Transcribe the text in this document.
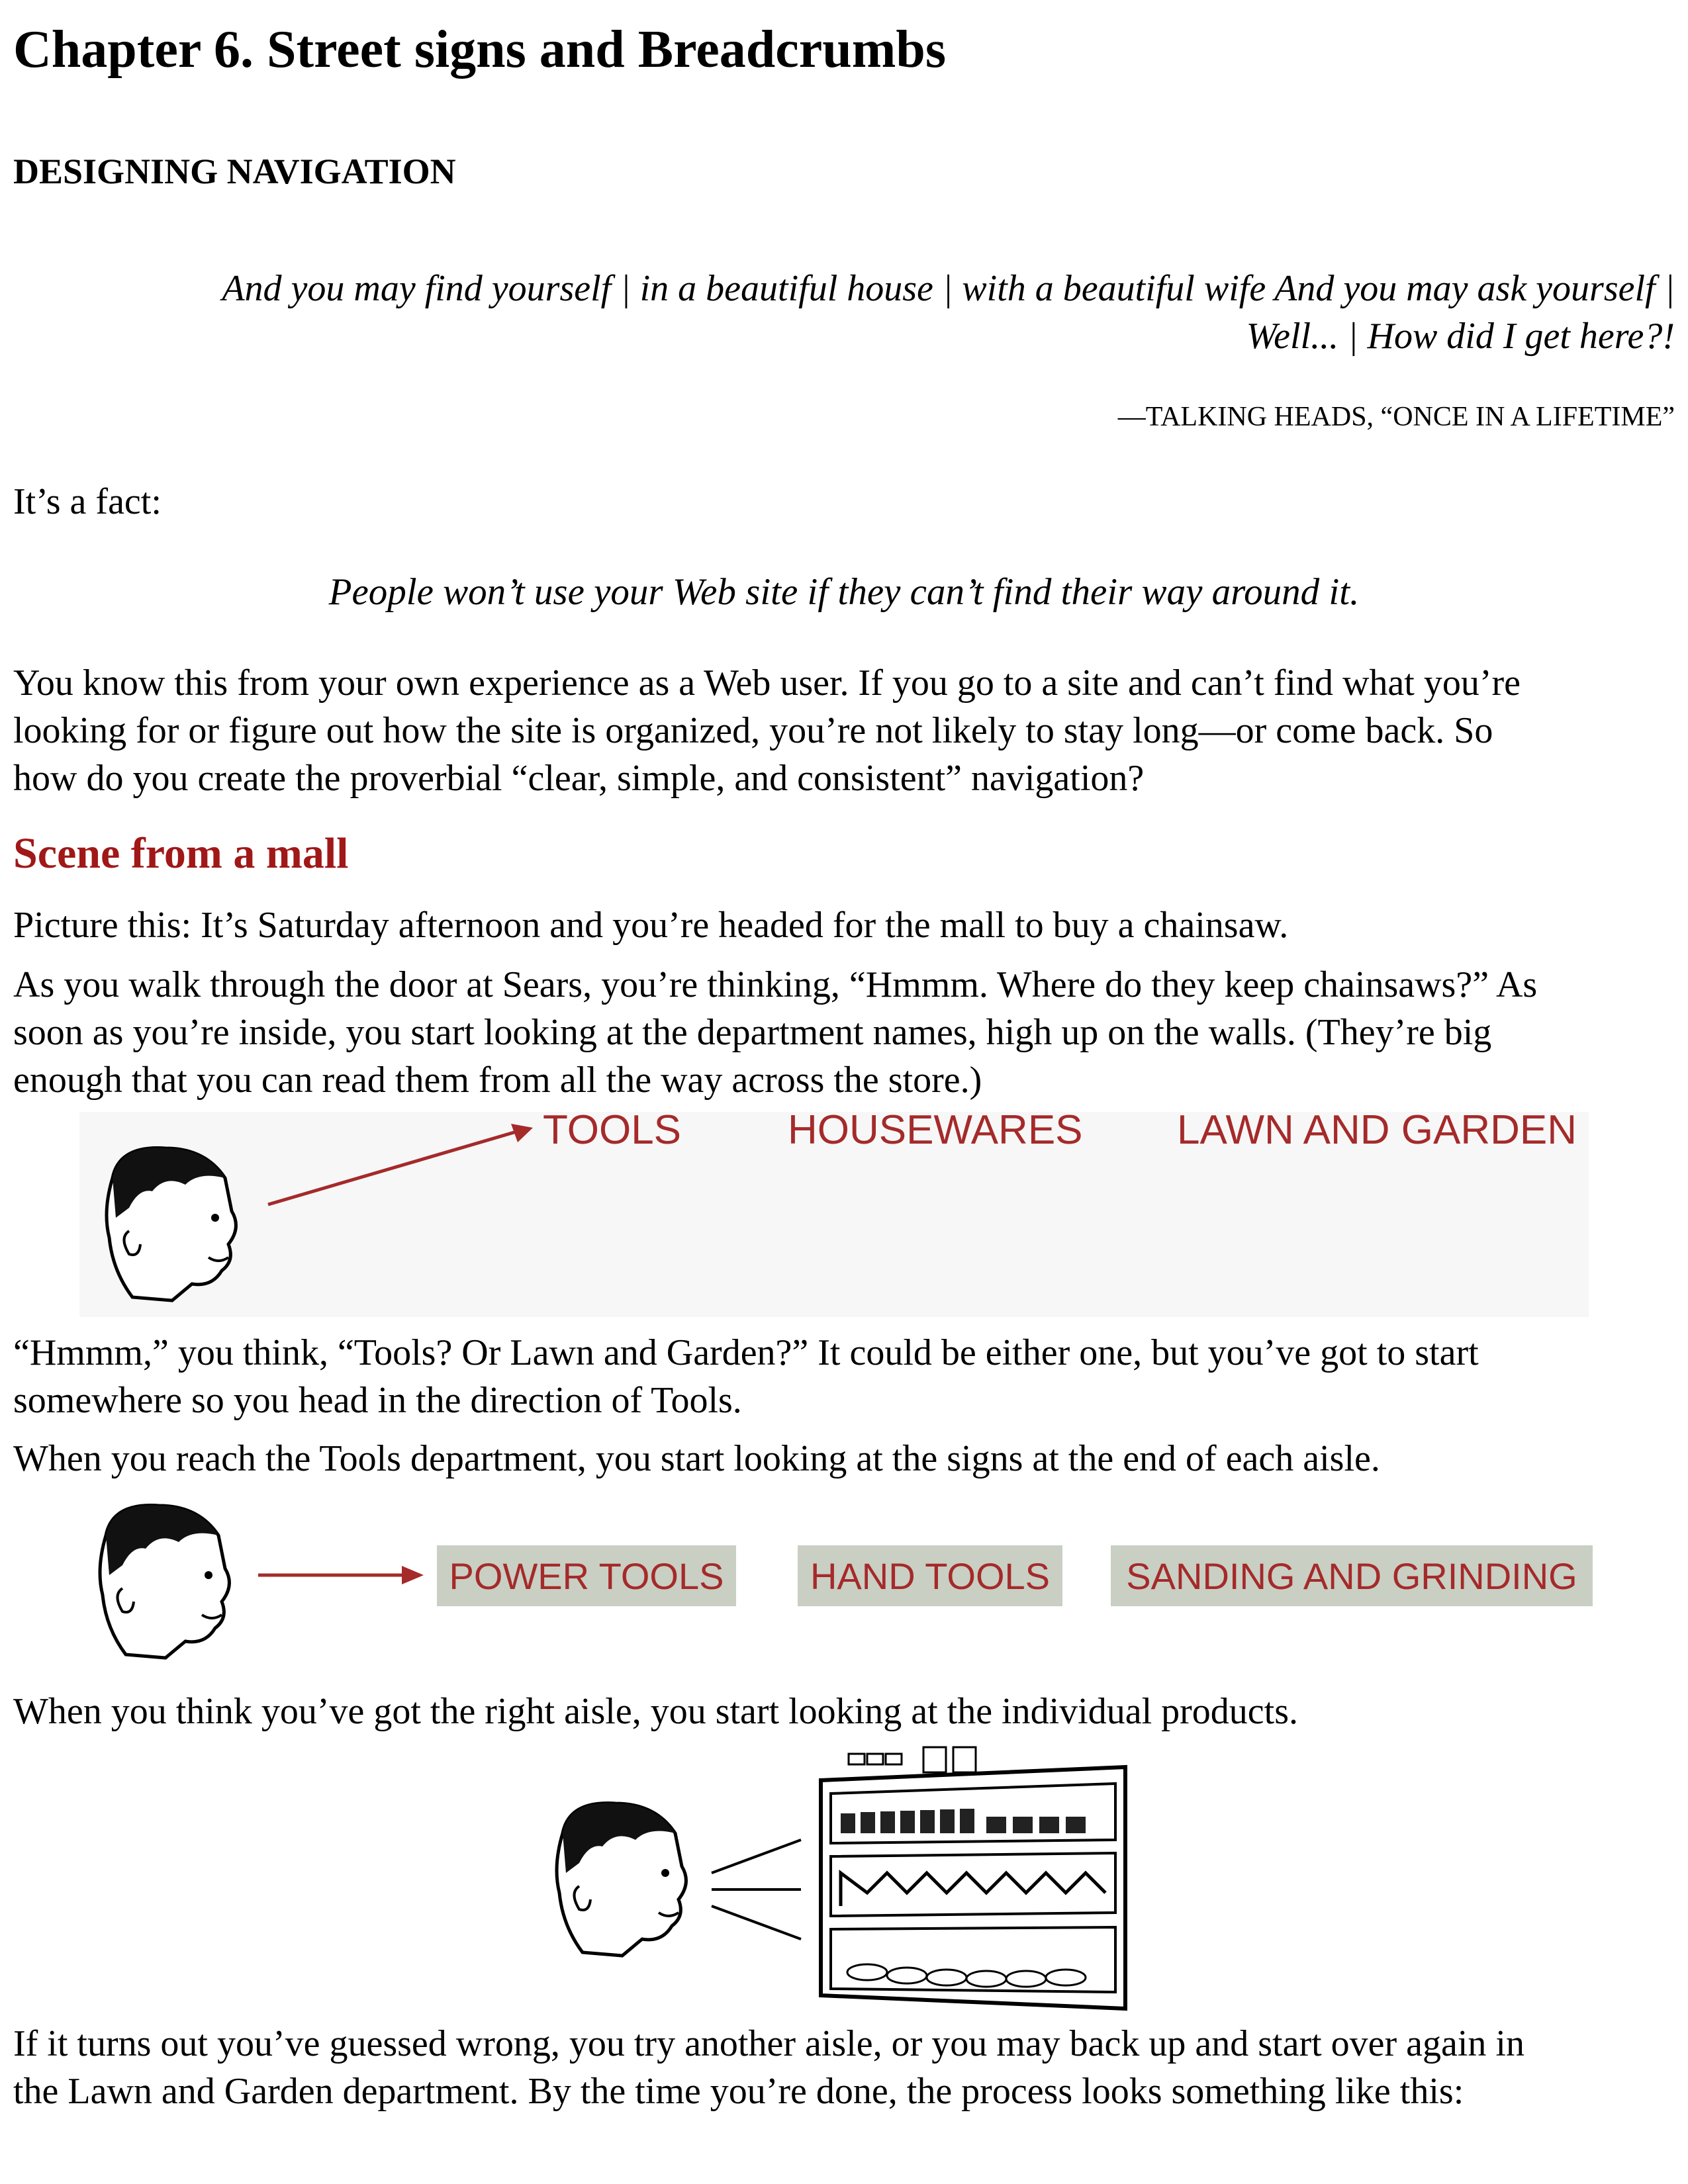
Chapter 6. Street signs and Breadcrumbs
DESIGNING NAVIGATION
And you may find yourself | in a beautiful house | with a beautiful wife And you may ask yourself |
Well... | How did I get here?!
—TALKING HEADS, “ONCE IN A LIFETIME”
It’s a fact:
People won’t use your Web site if they can’t find their way around it.
You know this from your own experience as a Web user. If you go to a site and can’t find what you’re
looking for or figure out how the site is organized, you’re not likely to stay long—or come back. So
how do you create the proverbial “clear, simple, and consistent” navigation?
Scene from a mall
Picture this: It’s Saturday afternoon and you’re headed for the mall to buy a chainsaw.
As you walk through the door at Sears, you’re thinking, “Hmmm. Where do they keep chainsaws?” As
soon as you’re inside, you start looking at the department names, high up on the walls. (They’re big
enough that you can read them from all the way across the store.)
TOOLS	HOUSEWARES LAWN AND GARDEN
“Hmmm,” you think, “Tools? Or Lawn and Garden?” It could be either one, but you’ve got to start
somewhere so you head in the direction of Tools.
When you reach the Tools department, you start looking at the signs at the end of each aisle.
POWER TOOLS	HAND TOOLS	SANDING AND GRINDING
When you think you’ve got the right aisle, you start looking at the individual products.
If it turns out you’ve guessed wrong, you try another aisle, or you may back up and start over again in
the Lawn and Garden department. By the time you’re done, the process looks something like this:
